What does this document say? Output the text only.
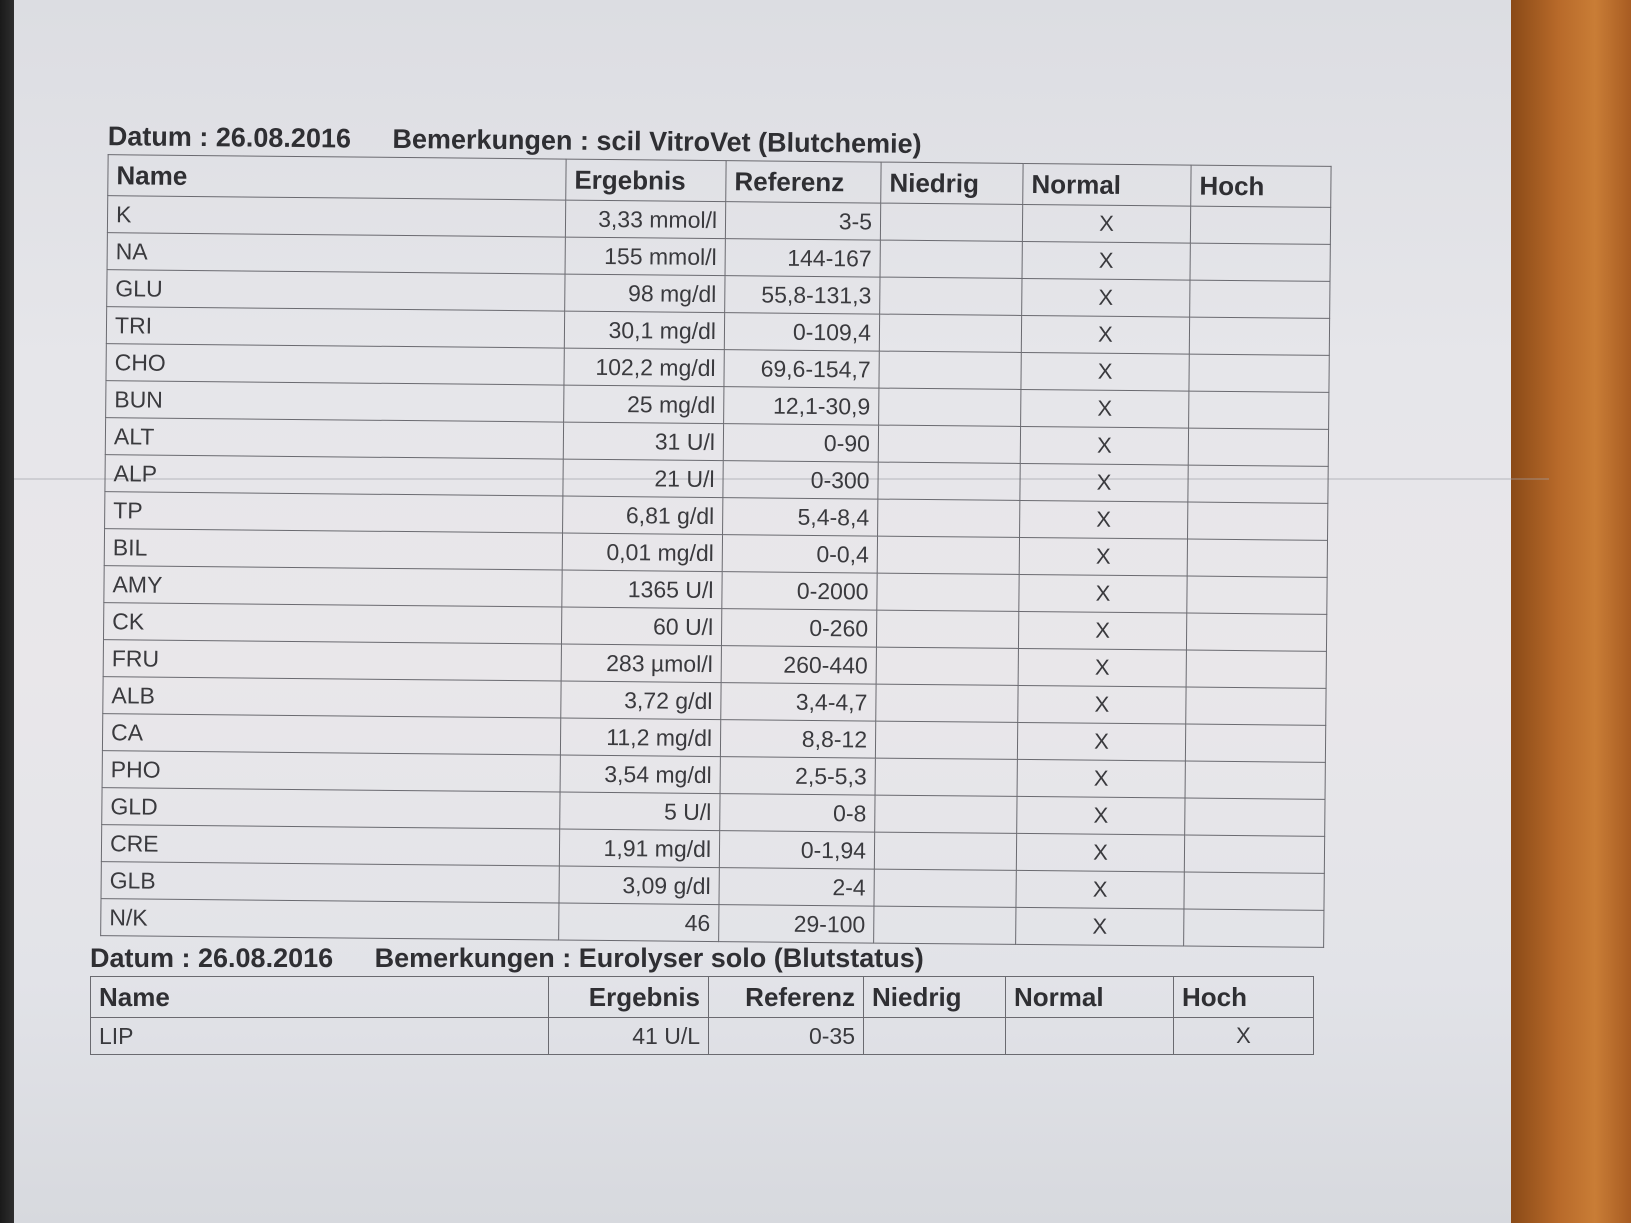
Datum : 26.08.2016 Bemerkungen : scil VitroVet (Blutchemie)
Name	Ergebnis	Referenz	Niedrig	Normal	Hoch
K	3,33 mmol/l	3-5		X	
NA	155 mmol/l	144-167		X	
GLU	98 mg/dl	55,8-131,3		X	
TRI	30,1 mg/dl	0-109,4		X	
CHO	102,2 mg/dl	69,6-154,7		X	
BUN	25 mg/dl	12,1-30,9		X	
ALT	31 U/l	0-90		X	
ALP	21 U/l	0-300		X	
TP	6,81 g/dl	5,4-8,4		X	
BIL	0,01 mg/dl	0-0,4		X	
AMY	1365 U/l	0-2000		X	
CK	60 U/l	0-260		X	
FRU	283 µmol/l	260-440		X	
ALB	3,72 g/dl	3,4-4,7		X	
CA	11,2 mg/dl	8,8-12		X	
PHO	3,54 mg/dl	2,5-5,3		X	
GLD	5 U/l	0-8		X	
CRE	1,91 mg/dl	0-1,94		X	
GLB	3,09 g/dl	2-4		X	
N/K	46	29-100		X	
Datum : 26.08.2016 Bemerkungen : Eurolyser solo (Blutstatus)
Name	Ergebnis	Referenz	Niedrig	Normal	Hoch
LIP	41 U/L	0-35			X
